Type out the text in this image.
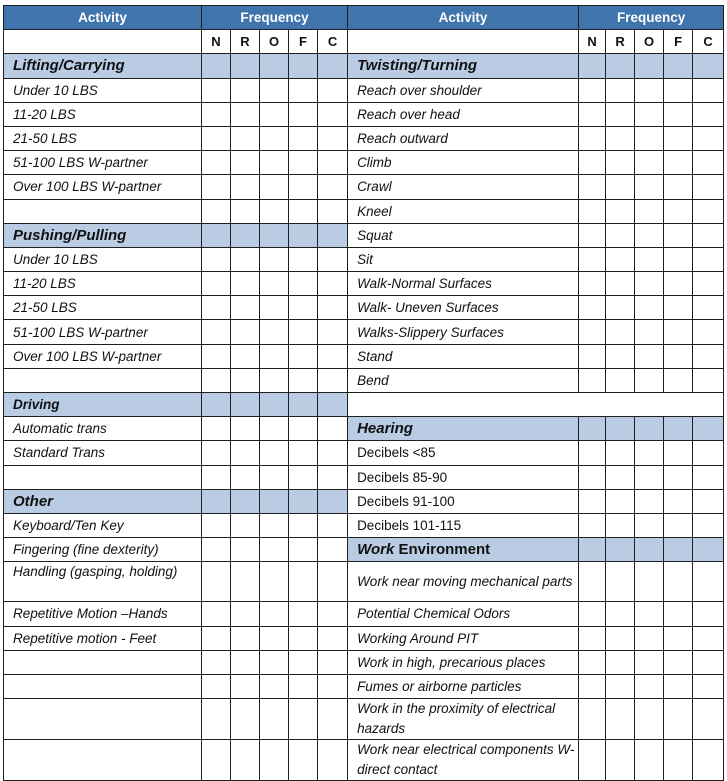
Activity	Frequency					Activity	Frequency				
	N	R	O	F	C		N	R	O	F	C
Lifting/Carrying						Twisting/Turning					
Under 10 LBS						Reach over shoulder					
11-20 LBS						Reach over head					
21-50 LBS						Reach outward					
51-100 LBS W-partner						Climb					
Over 100 LBS W-partner						Crawl					
						Kneel					
Pushing/Pulling						Squat					
Under 10 LBS						Sit					
11-20 LBS						Walk-Normal Surfaces					
21-50 LBS						Walk- Uneven Surfaces					
51-100 LBS W-partner						Walks-Slippery Surfaces					
Over 100 LBS W-partner						Stand					
						Bend					
Driving											
Automatic trans						Hearing					
Standard Trans						Decibels <85					
						Decibels 85-90					
Other						Decibels 91-100					
Keyboard/Ten Key						Decibels 101-115					
Fingering (fine dexterity)						Work Environment					
Handling (gasping, holding)						Work near moving mechanical parts					
Repetitive Motion –Hands						Potential Chemical Odors					
Repetitive motion - Feet						Working Around PIT					
						Work in high, precarious places					
						Fumes or airborne particles					
						Work in the proximity of electrical hazards					
						Work near electrical components W-direct contact					
